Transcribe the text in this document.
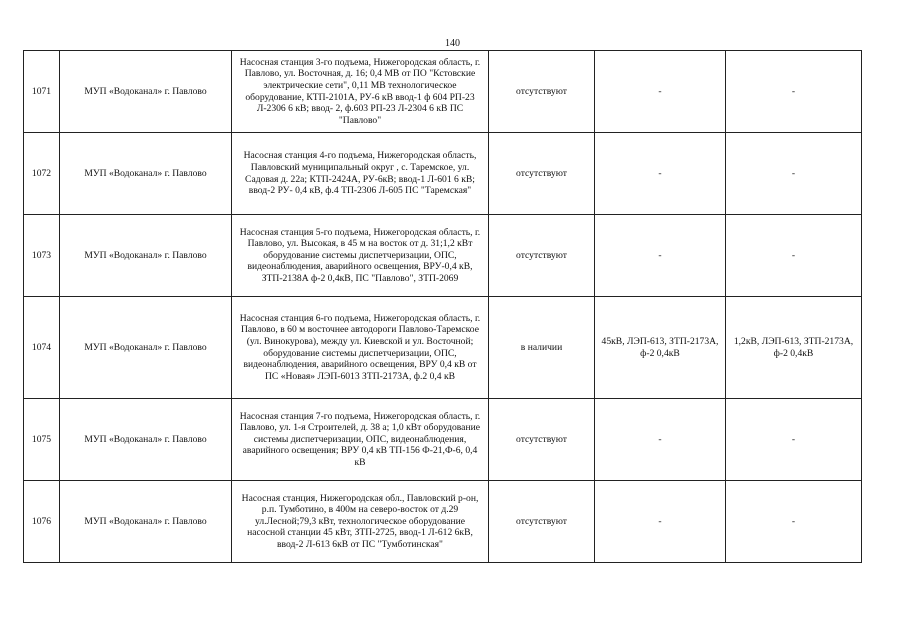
140
1071	МУП «Водоканал» г. Павлово	Насосная станция 3-го подъема, Нижегородская область, г. Павлово, ул. Восточная, д. 16; 0,4 МВ от ПО "Кстовские электрические сети", 0,11 МВ технологическое оборудование, КТП-2101А, РУ-6 кВ ввод-1 ф 604 РП-23 Л-2306 6 кВ; ввод- 2, ф.603 РП-23 Л-2304 6 кВ ПС "Павлово"	отсутствуют	-	-
1072	МУП «Водоканал» г. Павлово	Насосная станция 4-го подъема, Нижегородская область, Павловский муниципальный округ , с. Таремское, ул. Садовая д. 22а; КТП-2424А, РУ-6кВ; ввод-1 Л-601 6 кВ; ввод-2 РУ- 0,4 кВ, ф.4 ТП-2306 Л-605 ПС "Таремская"	отсутствуют	-	-
1073	МУП «Водоканал» г. Павлово	Насосная станция 5-го подъема, Нижегородская область, г. Павлово, ул. Высокая, в 45 м на восток от д. 31;1,2 кВт оборудование системы диспетчеризации, ОПС, видеонаблюдения, аварийного освещения, ВРУ-0,4 кВ, ЗТП-2138А ф-2 0,4кВ, ПС "Павлово", ЗТП-2069	отсутствуют	-	-
1074	МУП «Водоканал» г. Павлово	Насосная станция 6-го подъема, Нижегородская область, г. Павлово, в 60 м восточнее автодороги Павлово-Таремское (ул. Винокурова), между ул. Киевской и ул. Восточной; оборудование системы диспетчеризации, ОПС, видеонаблюдения, аварийного освещения, ВРУ 0,4 кВ от ПС «Новая» ЛЭП-6013 ЗТП-2173А, ф.2 0,4 кВ	в наличии	45кВ, ЛЭП-613, ЗТП-2173А, ф-2 0,4кВ	1,2кВ, ЛЭП-613, ЗТП-2173А, ф-2 0,4кВ
1075	МУП «Водоканал» г. Павлово	Насосная станция 7-го подъема, Нижегородская область, г. Павлово, ул. 1-я Строителей, д. 38 а; 1,0 кВт оборудование системы диспетчеризации, ОПС, видеонаблюдения, аварийного освещения; ВРУ 0,4 кВ ТП-156 Ф-21,Ф-6, 0,4 кВ	отсутствуют	-	-
1076	МУП «Водоканал» г. Павлово	Насосная станция, Нижегородская обл., Павловский р-он, р.п. Тумботино, в 400м на северо-восток от д.29 ул.Лесной;79,3 кВт, технологическое оборудование насосной станции 45 кВт, ЗТП-2725, ввод-1 Л-612 6кВ, ввод-2 Л-613 6кВ от ПС "Тумботинская"	отсутствуют	-	-
